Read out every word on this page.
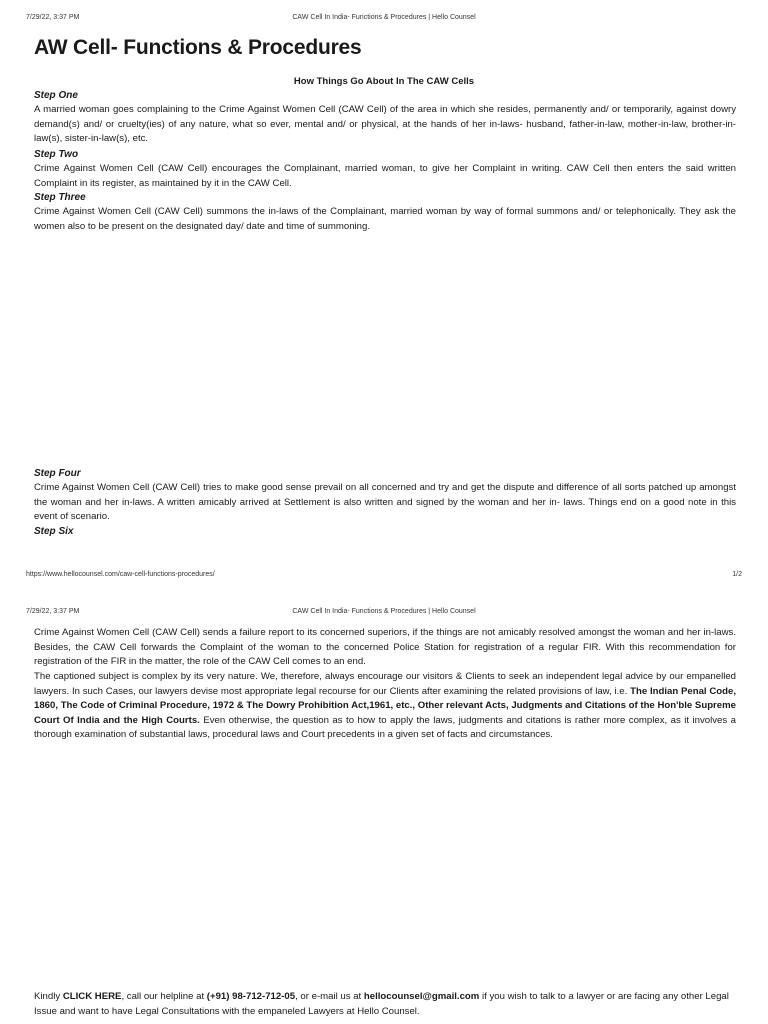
7/29/22, 3:37 PM	CAW Cell In India- Functions & Procedures | Hello Counsel
AW Cell- Functions & Procedures
How Things Go About In The CAW Cells
Step One
A married woman goes complaining to the Crime Against Women Cell (CAW Cell) of the area in which she resides, permanently and/ or temporarily, against dowry demand(s) and/ or cruelty(ies) of any nature, what so ever, mental and/ or physical, at the hands of her in-laws- husband, father-in-law, mother-in-law, brother-in-law(s), sister-in-law(s), etc.
Step Two
Crime Against Women Cell (CAW Cell) encourages the Complainant, married woman, to give her Complaint in writing. CAW Cell then enters the said written Complaint in its register, as maintained by it in the CAW Cell.
Step Three
Crime Against Women Cell (CAW Cell) summons the in-laws of the Complainant, married woman by way of formal summons and/ or telephonically. They ask the women also to be present on the designated day/ date and time of summoning.
Step Four
Crime Against Women Cell (CAW Cell) tries to make good sense prevail on all concerned and try and get the dispute and difference of all sorts patched up amongst the woman and her in-laws. A written amicably arrived at Settlement is also written and signed by the woman and her in- laws. Things end on a good note in this event of scenario.
Step Six
https://www.hellocounsel.com/caw-cell-functions-procedures/	1/2
7/29/22, 3:37 PM	CAW Cell In India- Functions & Procedures | Hello Counsel
Crime Against Women Cell (CAW Cell) sends a failure report to its concerned superiors, if the things are not amicably resolved amongst the woman and her in-laws. Besides, the CAW Cell forwards the Complaint of the woman to the concerned Police Station for registration of a regular FIR. With this recommendation for registration of the FIR in the matter, the role of the CAW Cell comes to an end.
The captioned subject is complex by its very nature. We, therefore, always encourage our visitors & Clients to seek an independent legal advice by our empanelled lawyers. In such Cases, our lawyers devise most appropriate legal recourse for our Clients after examining the related provisions of law, i.e. The Indian Penal Code, 1860, The Code of Criminal Procedure, 1972 & The Dowry Prohibition Act,1961, etc., Other relevant Acts, Judgments and Citations of the Hon'ble Supreme Court Of India and the High Courts. Even otherwise, the question as to how to apply the laws, judgments and citations is rather more complex, as it involves a thorough examination of substantial laws, procedural laws and Court precedents in a given set of facts and circumstances.
Kindly CLICK HERE, call our helpline at (+91) 98-712-712-05, or e-mail us at hellocounsel@gmail.com if you wish to talk to a lawyer or are facing any other Legal Issue and want to have Legal Consultations with the empaneled Lawyers at Hello Counsel.
